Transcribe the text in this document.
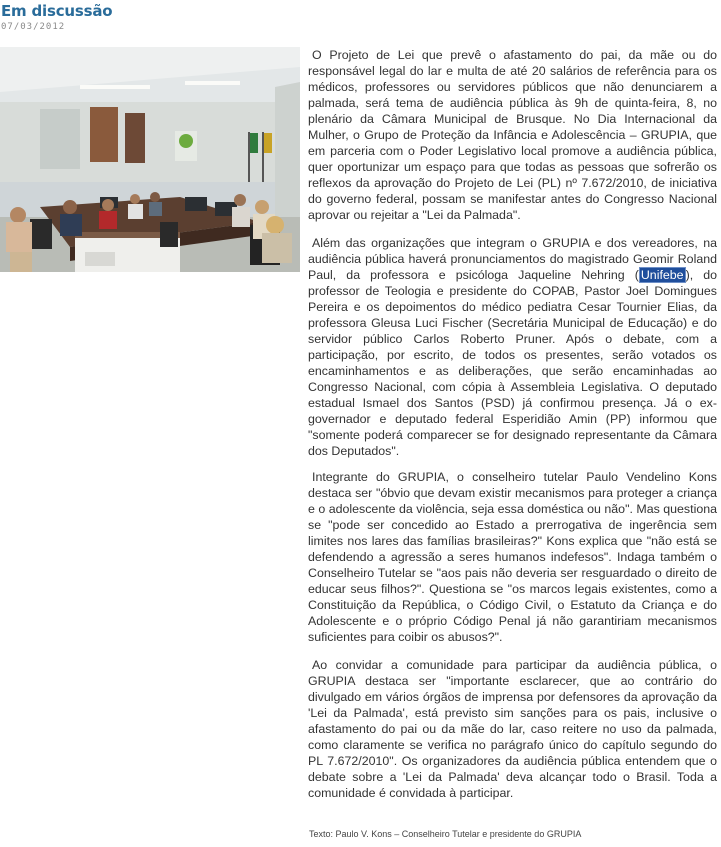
Em discussão
07/03/2012

O Projeto de Lei que prevê o afastamento do pai, da mãe ou do responsável legal do lar e multa de até 20 salários de referência para os médicos, professores ou servidores públicos que não denunciarem a palmada, será tema de audiência pública às 9h de quinta-feira, 8, no plenário da Câmara Municipal de Brusque. No Dia Internacional da Mulher, o Grupo de Proteção da Infância e Adolescência – GRUPIA, que em parceria com o Poder Legislativo local promove a audiência pública, quer oportunizar um espaço para que todas as pessoas que sofrerão os reflexos da aprovação do Projeto de Lei (PL) nº 7.672/2010, de iniciativa do governo federal, possam se manifestar antes do Congresso Nacional aprovar ou rejeitar a "Lei da Palmada".

Além das organizações que integram o GRUPIA e dos vereadores, na audiência pública haverá pronunciamentos do magistrado Geomir Roland Paul, da professora e psicóloga Jaqueline Nehring ( Unifebe ), do professor de Teologia e presidente do COPAB, Pastor Joel Domingues Pereira e os depoimentos do médico pediatra Cesar Tournier Elias, da professora Gleusa Luci Fischer (Secretária Municipal de Educação) e do servidor público Carlos Roberto Pruner. Após o debate, com a participação, por escrito, de todos os presentes, serão votados os encaminhamentos e as deliberações, que serão encaminhadas ao Congresso Nacional, com cópia à Assembleia Legislativa. O deputado estadual Ismael dos Santos (PSD) já confirmou presença. Já o ex-governador e deputado federal Esperidião Amin (PP) informou que "somente poderá comparecer se for designado representante da Câmara dos Deputados".

Integrante do GRUPIA, o conselheiro tutelar Paulo Vendelino Kons destaca ser "óbvio que devam existir mecanismos para proteger a criança e o adolescente da violência, seja essa doméstica ou não". Mas questiona se "pode ser concedido ao Estado a prerrogativa de ingerência sem limites nos lares das famílias brasileiras?" Kons explica que "não está se defendendo a agressão a seres humanos indefesos". Indaga também o Conselheiro Tutelar se "aos pais não deveria ser resguardado o direito de educar seus filhos?". Questiona se "os marcos legais existentes, como a Constituição da República, o Código Civil, o Estatuto da Criança e do Adolescente e o próprio Código Penal já não garantiriam mecanismos suficientes para coibir os abusos?".

Ao convidar a comunidade para participar da audiência pública, o GRUPIA destaca ser "importante esclarecer, que ao contrário do divulgado em vários órgãos de imprensa por defensores da aprovação da 'Lei da Palmada', está previsto sim sanções para os pais, inclusive o afastamento do pai ou da mãe do lar, caso reitere no uso da palmada, como claramente se verifica no parágrafo único do capítulo segundo do PL 7.672/2010". Os organizadores da audiência pública entendem que o debate sobre a 'Lei da Palmada' deva alcançar todo o Brasil. Toda a comunidade é convidada à participar.

Texto: Paulo V. Kons – Conselheiro Tutelar e presidente do GRUPIA
